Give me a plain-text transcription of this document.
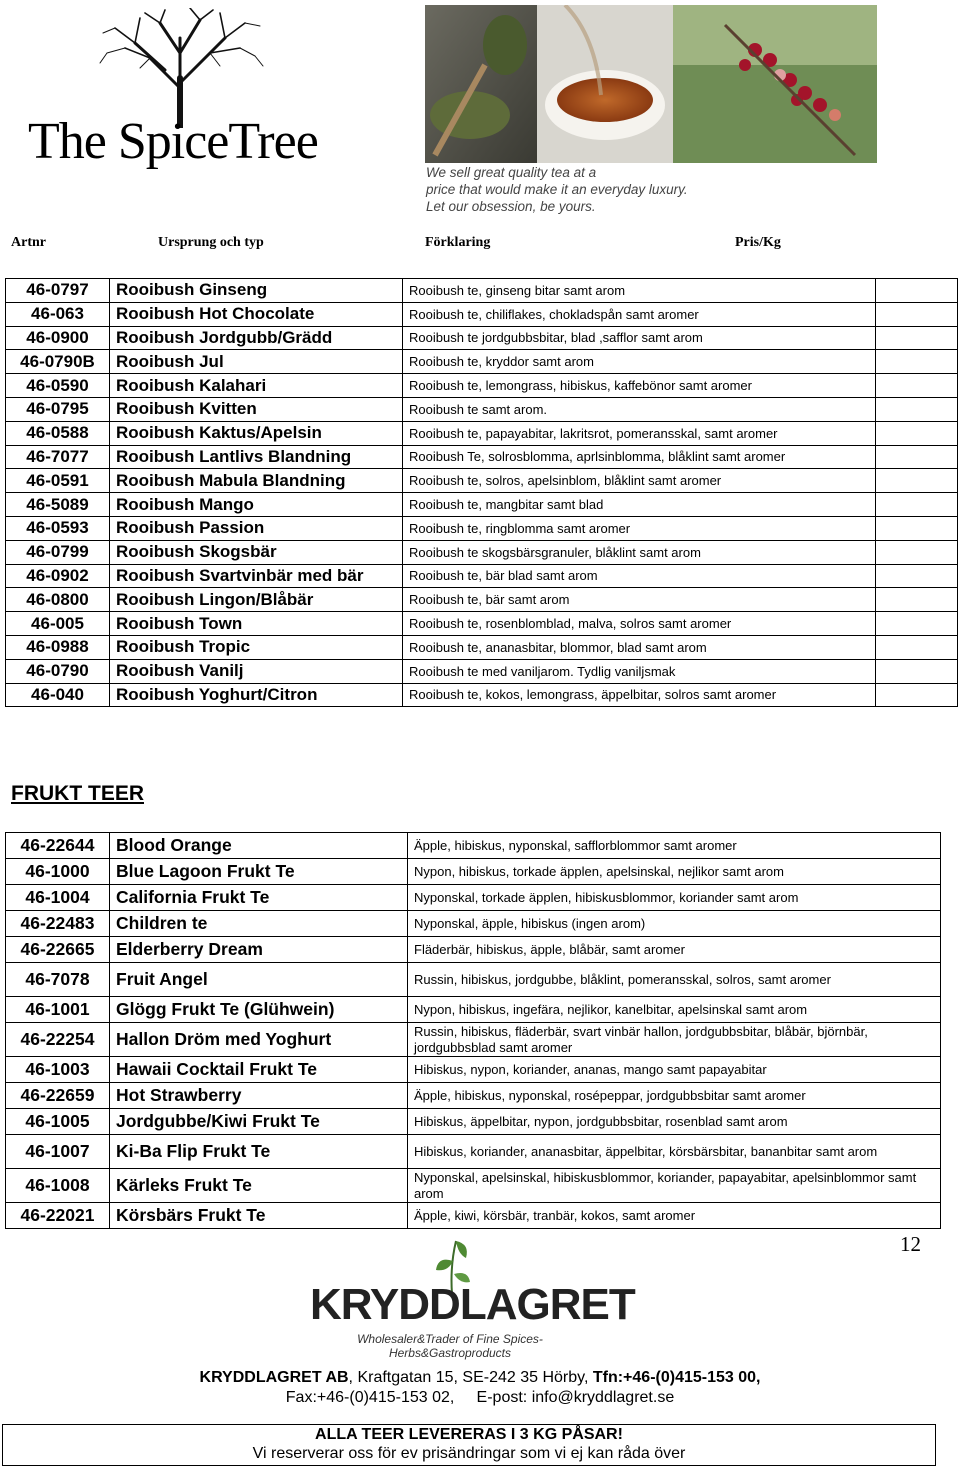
The SpiceTree
We sell great quality tea at a
price that would make it an everyday luxury.
Let our obsession, be yours.
Artnr	Ursprung och typ	Förklaring	Pris/Kg
46-0797	Rooibush Ginseng	Rooibush te, ginseng bitar samt arom	
46-063	Rooibush Hot Chocolate	Rooibush te, chiliflakes, chokladspån samt aromer	
46-0900	Rooibush Jordgubb/Grädd	Rooibush te jordgubbsbitar, blad ,safflor samt arom	
46-0790B	Rooibush Jul	Rooibush te, kryddor samt arom	
46-0590	Rooibush Kalahari	Rooibush te, lemongrass, hibiskus, kaffebönor samt aromer	
46-0795	Rooibush Kvitten	Rooibush te samt arom.	
46-0588	Rooibush Kaktus/Apelsin	Rooibush te, papayabitar, lakritsrot, pomeransskal, samt aromer	
46-7077	Rooibush Lantlivs Blandning	Rooibush Te, solrosblomma, aprlsinblomma, blåklint samt aromer	
46-0591	Rooibush Mabula Blandning	Rooibush te, solros, apelsinblom, blåklint samt aromer	
46-5089	Rooibush Mango	Rooibush te, mangbitar samt blad	
46-0593	Rooibush Passion	Rooibush te, ringblomma samt aromer	
46-0799	Rooibush Skogsbär	Rooibush te skogsbärsgranuler, blåklint samt arom	
46-0902	Rooibush Svartvinbär med bär	Rooibush te, bär blad samt arom	
46-0800	Rooibush Lingon/Blåbär	Rooibush te, bär samt arom	
46-005	Rooibush Town	Rooibush te, rosenblomblad, malva, solros samt aromer	
46-0988	Rooibush Tropic	Rooibush te, ananasbitar, blommor, blad samt arom	
46-0790	Rooibush Vanilj	Rooibush te med vaniljarom. Tydlig vaniljsmak	
46-040	Rooibush Yoghurt/Citron	Rooibush te, kokos, lemongrass, äppelbitar, solros samt aromer	
FRUKT TEER
46-22644	Blood Orange	Äpple, hibiskus, nyponskal, safflorblommor samt aromer
46-1000	Blue Lagoon Frukt Te	Nypon, hibiskus, torkade äpplen, apelsinskal, nejlikor samt arom
46-1004	California Frukt Te	Nyponskal, torkade äpplen, hibiskusblommor, koriander samt arom
46-22483	Children te	Nyponskal, äpple, hibiskus (ingen arom)
46-22665	Elderberry Dream	Fläderbär, hibiskus, äpple, blåbär, samt aromer
46-7078	Fruit Angel	Russin, hibiskus, jordgubbe, blåklint, pomeransskal, solros, samt aromer
46-1001	Glögg Frukt Te (Glühwein)	Nypon, hibiskus, ingefära, nejlikor, kanelbitar, apelsinskal samt arom
46-22254	Hallon Dröm med Yoghurt	Russin, hibiskus, fläderbär, svart vinbär hallon, jordgubbsbitar, blåbär, björnbär, jordgubbsblad samt aromer
46-1003	Hawaii Cocktail Frukt Te	Hibiskus, nypon, koriander, ananas, mango samt papayabitar
46-22659	Hot Strawberry	Äpple, hibiskus, nyponskal, rosépeppar, jordgubbsbitar samt aromer
46-1005	Jordgubbe/Kiwi Frukt Te	Hibiskus, äppelbitar, nypon, jordgubbsbitar, rosenblad samt arom
46-1007	Ki-Ba Flip Frukt Te	Hibiskus, koriander, ananasbitar, äppelbitar, körsbärsbitar, bananbitar samt arom
46-1008	Kärleks Frukt Te	Nyponskal, apelsinskal, hibiskusblommor, koriander, papayabitar, apelsinblommor samt arom
46-22021	Körsbärs Frukt Te	Äpple, kiwi, körsbär, tranbär, kokos, samt aromer
12
KRYDDLAGRET
Wholesaler&Trader of Fine Spices-Herbs&Gastroproducts
KRYDDLAGRET AB, Kraftgatan 15, SE-242 35 Hörby, Tfn:+46-(0)415-153 00,
Fax:+46-(0)415-153 02,     E-post: info@kryddlagret.se
ALLA TEER LEVERERAS I 3 KG PÅSAR!
Vi reserverar oss för ev prisändringar som vi ej kan råda över
